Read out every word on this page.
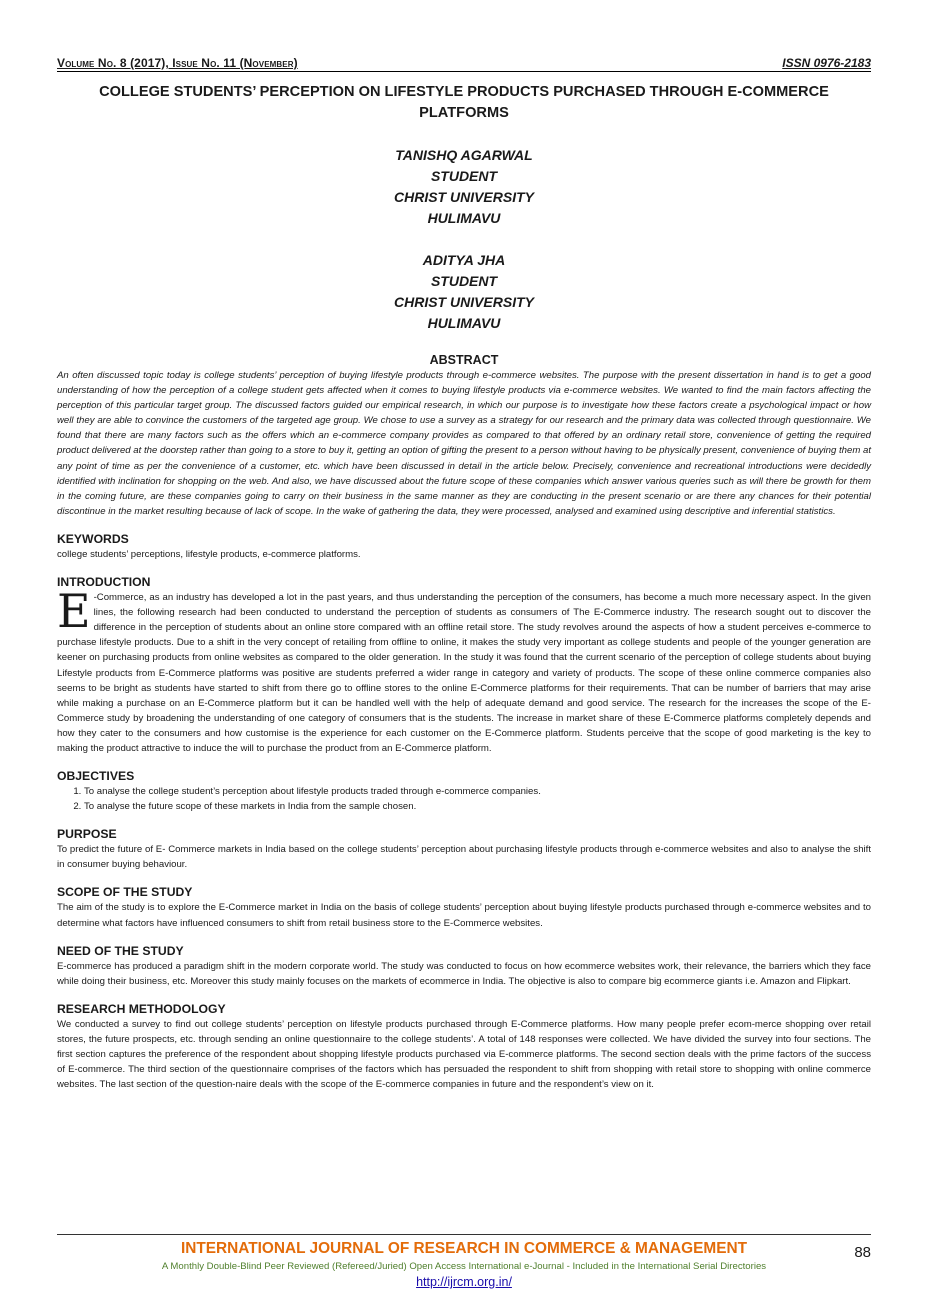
Volume No. 8 (2017), Issue No. 11 (November)	ISSN 0976-2183
COLLEGE STUDENTS’ PERCEPTION ON LIFESTYLE PRODUCTS PURCHASED THROUGH E-COMMERCE PLATFORMS
TANISHQ AGARWAL
STUDENT
CHRIST UNIVERSITY
HULIMAVU
ADITYA JHA
STUDENT
CHRIST UNIVERSITY
HULIMAVU
ABSTRACT
An often discussed topic today is college students’ perception of buying lifestyle products through e-commerce websites. The purpose with the present dissertation in hand is to get a good understanding of how the perception of a college student gets affected when it comes to buying lifestyle products via e-commerce websites. We wanted to find the main factors affecting the perception of this particular target group. The discussed factors guided our empirical research, in which our purpose is to investigate how these factors create a psychological impact or how well they are able to convince the customers of the targeted age group. We chose to use a survey as a strategy for our research and the primary data was collected through questionnaire. We found that there are many factors such as the offers which an e-commerce company provides as compared to that offered by an ordinary retail store, convenience of getting the required product delivered at the doorstep rather than going to a store to buy it, getting an option of gifting the present to a person without having to be physically present, convenience of buying them at any point of time as per the convenience of a customer, etc. which have been discussed in detail in the article below. Precisely, convenience and recreational introductions were decidedly identified with inclination for shopping on the web. And also, we have discussed about the future scope of these companies which answer various queries such as will there be growth for them in the coming future, are these companies going to carry on their business in the same manner as they are conducting in the present scenario or are there any chances for their potential discontinue in the market resulting because of lack of scope. In the wake of gathering the data, they were processed, analysed and examined using descriptive and inferential statistics.
KEYWORDS
college students’ perceptions, lifestyle products, e-commerce platforms.
INTRODUCTION
E -Commerce, as an industry has developed a lot in the past years, and thus understanding the perception of the consumers, has become a much more necessary aspect. In the given lines, the following research had been conducted to understand the perception of students as consumers of The E-Commerce industry. The research sought out to discover the difference in the perception of students about an online store compared with an offline retail store. The study revolves around the aspects of how a student perceives e-commerce to purchase lifestyle products. Due to a shift in the very concept of retailing from offline to online, it makes the study very important as college students and people of the younger generation are keener on purchasing products from online websites as compared to the older generation. In the study it was found that the current scenario of the perception of college students about buying Lifestyle products from E-Commerce platforms was positive are students preferred a wider range in category and variety of products. The scope of these online commerce companies also seems to be bright as students have started to shift from there go to offline stores to the online E-Commerce platforms for their requirements. That can be number of barriers that may arise while making a purchase on an E-Commerce platform but it can be handled well with the help of adequate demand and good service. The research for the increases the scope of the E-Commerce study by broadening the understanding of one category of consumers that is the students. The increase in market share of these E-Commerce platforms completely depends and how they cater to the consumers and how customise is the experience for each customer on the E-Commerce platform. Students perceive that the scope of good marketing is the key to making the product attractive to induce the will to purchase the product from an E-Commerce platform.
OBJECTIVES
1. To analyse the college student’s perception about lifestyle products traded through e-commerce companies.
2. To analyse the future scope of these markets in India from the sample chosen.
PURPOSE
To predict the future of E- Commerce markets in India based on the college students’ perception about purchasing lifestyle products through e-commerce websites and also to analyse the shift in consumer buying behaviour.
SCOPE OF THE STUDY
The aim of the study is to explore the E-Commerce market in India on the basis of college students’ perception about buying lifestyle products purchased through e-commerce websites and to determine what factors have influenced consumers to shift from retail business store to the E-Commerce websites.
NEED OF THE STUDY
E-commerce has produced a paradigm shift in the modern corporate world. The study was conducted to focus on how ecommerce websites work, their relevance, the barriers which they face while doing their business, etc. Moreover this study mainly focuses on the markets of ecommerce in India. The objective is also to compare big ecommerce giants i.e. Amazon and Flipkart.
RESEARCH METHODOLOGY
We conducted a survey to find out college students’ perception on lifestyle products purchased through E-Commerce platforms. How many people prefer ecom-merce shopping over retail stores, the future prospects, etc. through sending an online questionnaire to the college students’. A total of 148 responses were collected. We have divided the survey into four sections. The first section captures the preference of the respondent about shopping lifestyle products purchased via E-commerce platforms. The second section deals with the prime factors of the success of E-commerce. The third section of the questionnaire comprises of the factors which has persuaded the respondent to shift from shopping with retail store to shopping with online commerce websites. The last section of the question-naire deals with the scope of the E-commerce companies in future and the respondent’s view on it.
INTERNATIONAL JOURNAL OF RESEARCH IN COMMERCE & MANAGEMENT	88
A Monthly Double-Blind Peer Reviewed (Refereed/Juried) Open Access International e-Journal - Included in the International Serial Directories
http://ijrcm.org.in/
